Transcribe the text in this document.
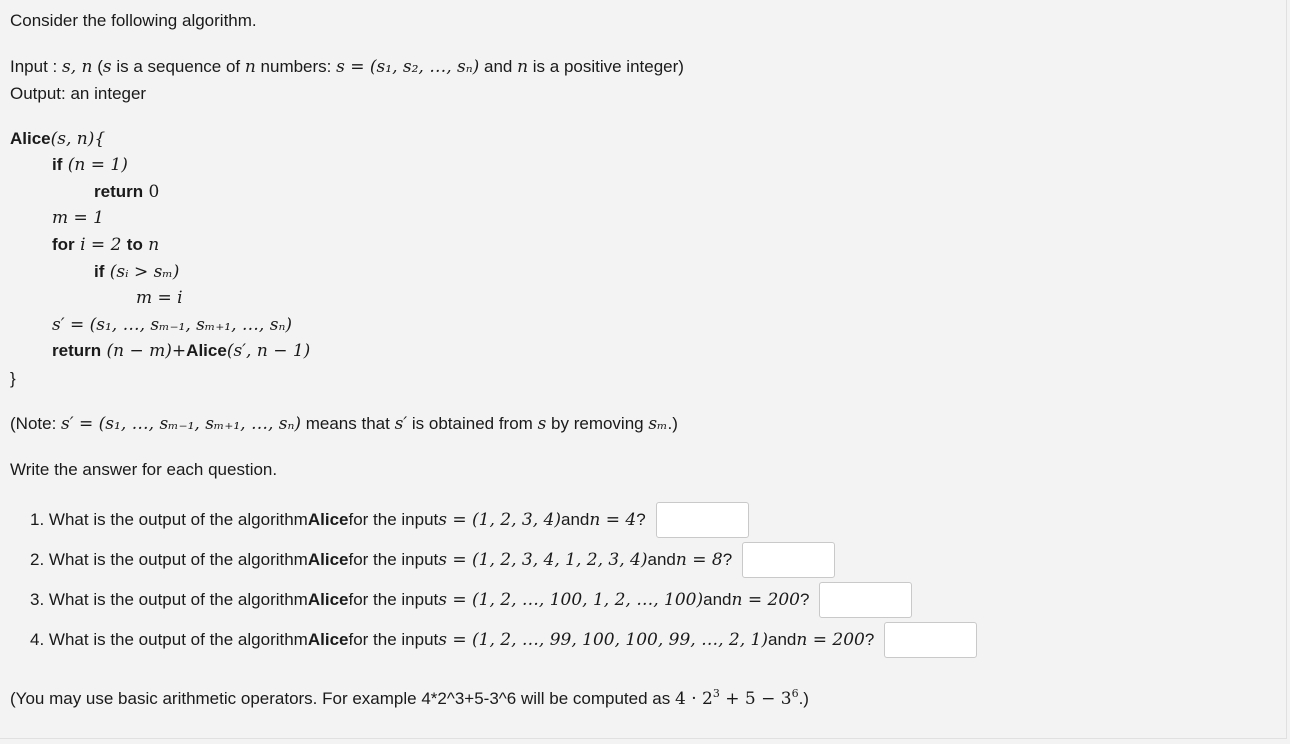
Consider the following algorithm.
Input : s, n (s is a sequence of n numbers: s = (s₁, s₂, …, sₙ) and n is a positive integer)
Output: an integer
Alice(s, n){
if (n = 1)
return 0
m = 1
for i = 2 to n
if (sᵢ > sₘ)
m = i
s′ = (s₁, …, sₘ₋₁, sₘ₊₁, …, sₙ)
return (n − m)+Alice(s′, n − 1)
}
(Note: s′ = (s₁, …, sₘ₋₁, sₘ₊₁, …, sₙ) means that s′ is obtained from s by removing sₘ.)
Write the answer for each question.
1.
What is the output of the algorithm Alice for the input s = (1, 2, 3, 4) and n = 4 ?
2.
What is the output of the algorithm Alice for the input s = (1, 2, 3, 4, 1, 2, 3, 4) and n = 8 ?
3.
What is the output of the algorithm Alice for the input s = (1, 2, …, 100, 1, 2, …, 100) and n = 200 ?
4.
What is the output of the algorithm Alice for the input s = (1, 2, …, 99, 100, 100, 99, …, 2, 1) and n = 200 ?
(You may use basic arithmetic operators. For example 4*2^3+5-3^6 will be computed as $4 \cdot 2^3 + 5 - 3^6$.)
